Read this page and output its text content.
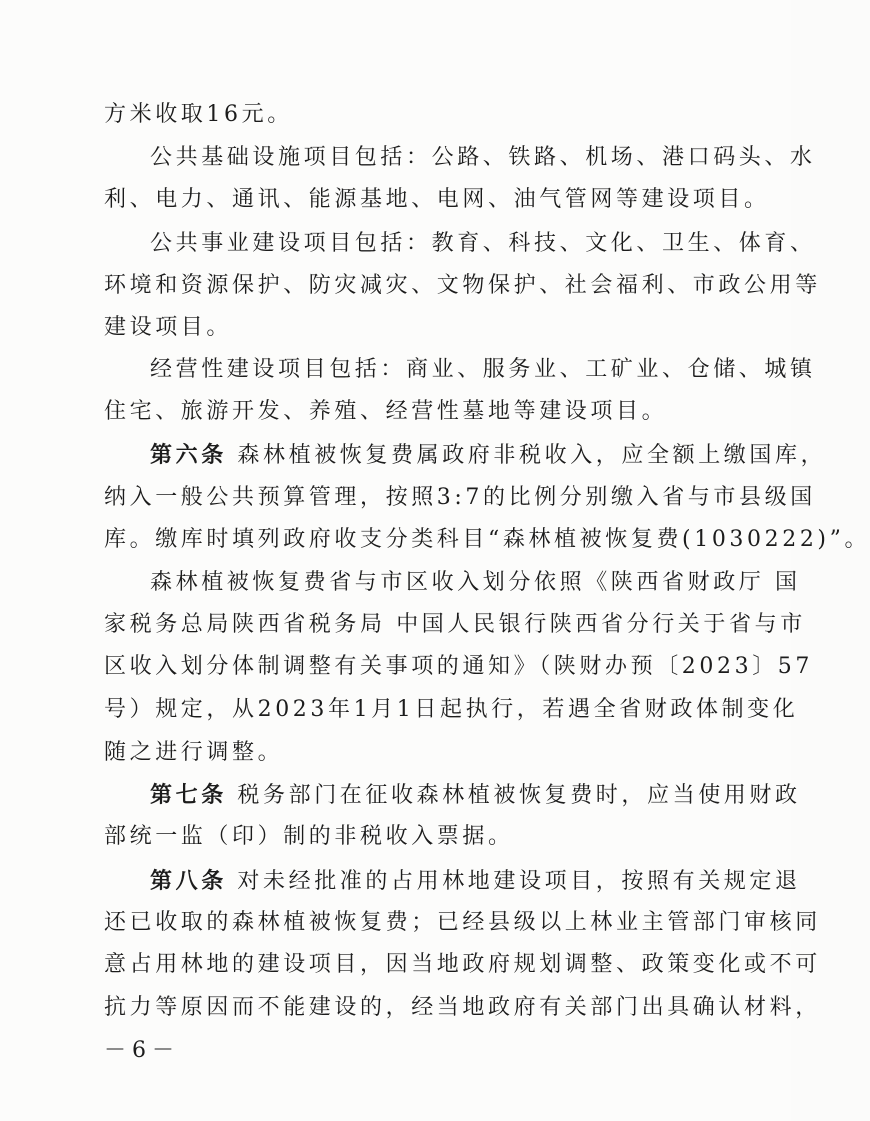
方米收取16元。
公共基础设施项目包括：公路、铁路、机场、港口码头、水
利、电力、通讯、能源基地、电网、油气管网等建设项目。
公共事业建设项目包括：教育、科技、文化、卫生、体育、
环境和资源保护、防灾减灾、文物保护、社会福利、市政公用等
建设项目。
经营性建设项目包括：商业、服务业、工矿业、仓储、城镇
住宅、旅游开发、养殖、经营性墓地等建设项目。
第六条 森林植被恢复费属政府非税收入，应全额上缴国库，
纳入一般公共预算管理，按照3:7的比例分别缴入省与市县级国
库。缴库时填列政府收支分类科目“森林植被恢复费(1030222)”。
森林植被恢复费省与市区收入划分依照《陕西省财政厅 国
家税务总局陕西省税务局 中国人民银行陕西省分行关于省与市
区收入划分体制调整有关事项的通知》（陕财办预〔2023〕57
号）规定，从2023年1月1日起执行，若遇全省财政体制变化
随之进行调整。
第七条 税务部门在征收森林植被恢复费时，应当使用财政
部统一监（印）制的非税收入票据。
第八条 对未经批准的占用林地建设项目，按照有关规定退
还已收取的森林植被恢复费；已经县级以上林业主管部门审核同
意占用林地的建设项目，因当地政府规划调整、政策变化或不可
抗力等原因而不能建设的，经当地政府有关部门出具确认材料，
－6－
